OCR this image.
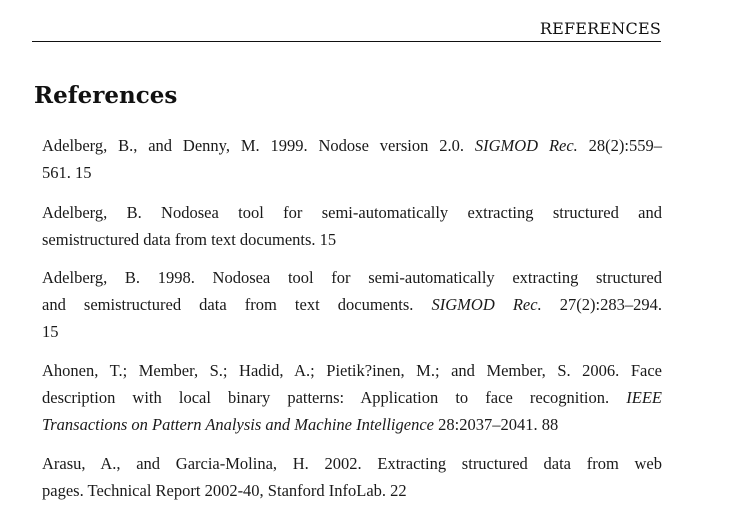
REFERENCES
References

Adelberg, B., and Denny, M. 1999. Nodose version 2.0. SIGMOD Rec. 28(2):559–
561. 15

Adelberg, B. Nodosea tool for semi-automatically extracting structured and
semistructured data from text documents. 15

Adelberg, B. 1998. Nodosea tool for semi-automatically extracting structured
and semistructured data from text documents. SIGMOD Rec. 27(2):283–294.
15

Ahonen, T.; Member, S.; Hadid, A.; Pietik?inen, M.; and Member, S. 2006. Face
description with local binary patterns: Application to face recognition. IEEE
Transactions on Pattern Analysis and Machine Intelligence 28:2037–2041. 88

Arasu, A., and Garcia-Molina, H. 2002. Extracting structured data from web
pages. Technical Report 2002-40, Stanford InfoLab. 22
